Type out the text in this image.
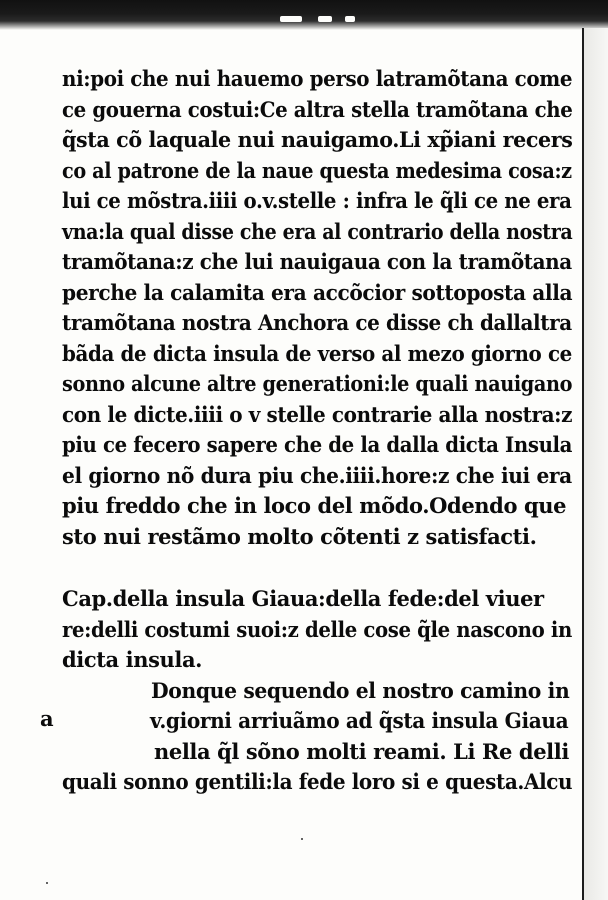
ni:poi che nui hauemo perso latramõtana come
ce gouerna costui:Ce altra stella tramõtana che
q̃sta cõ laquale nui nauigamo.Li xp̃iani recers
co al patrone de la naue questa medesima cosa:z
lui ce mõstra.iiii o.v.stelle : infra le q̃li ce ne era
vna:la qual disse che era al contrario della nostra
tramõtana:z che lui nauigaua con la tramõtana
perche la calamita era accõcior sottoposta alla
tramõtana nostra Anchora ce disse ch dallaltra
bãda de dicta insula de verso al mezo giorno ce
sonno alcune altre generationi:le quali nauigano
con le dicte.iiii o v stelle contrarie alla nostra:z
piu ce fecero sapere che de la dalla dicta Insula
el giorno nõ dura piu che.iiii.hore:z che iui era
piu freddo che in loco del mõdo.Odendo que
sto nui restãmo molto cõtenti z satisfacti.
Cap.della insula Giaua:della fede:del viuer
re:delli costumi suoi:z delle cose q̃le nascono in
dicta insula.
Donque sequendo el nostro camino in
v.giorni arriuãmo ad q̃sta insula Giaua
nella q̃l sõno molti reami. Li Re delli
quali sonno gentili:la fede loro si e questa.Alcu
a
